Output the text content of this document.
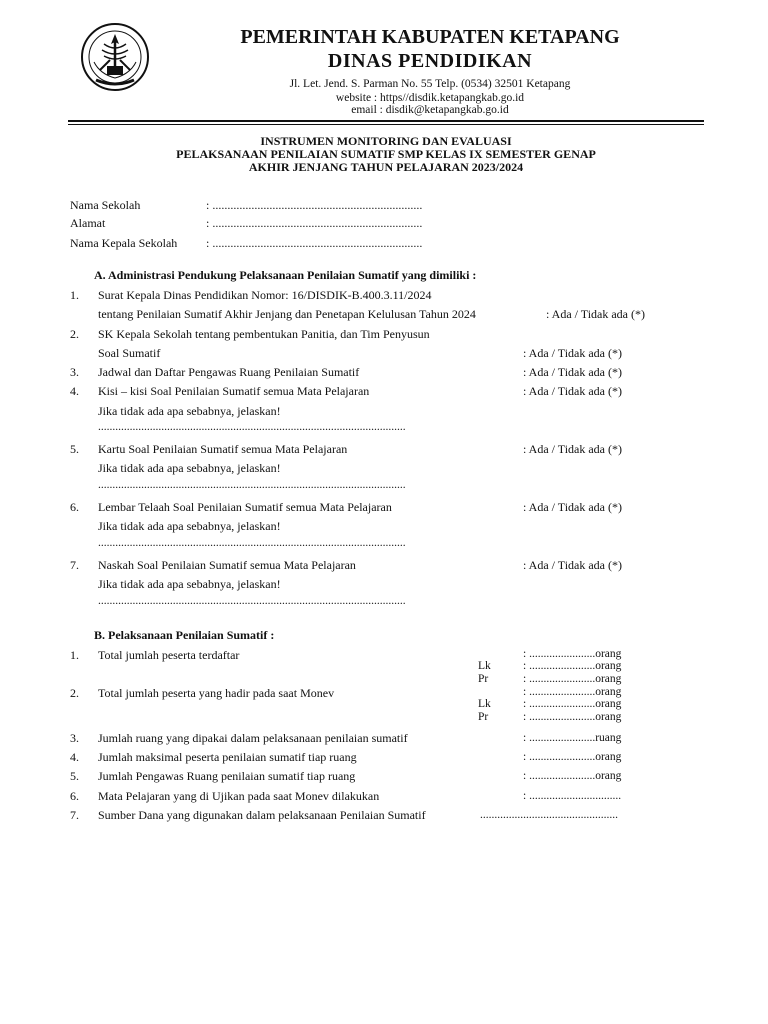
PEMERINTAH KABUPATEN KETAPANG
DINAS PENDIDIKAN
Jl. Let. Jend. S. Parman No. 55 Telp. (0534) 32501 Ketapang
website : https//disdik.ketapangkab.go.id
email : disdik@ketapangkab.go.id
INSTRUMEN MONITORING DAN EVALUASI
PELAKSANAAN PENILAIAN SUMATIF SMP KELAS IX SEMESTER GENAP
AKHIR JENJANG TAHUN PELAJARAN 2023/2024
Nama Sekolah	: ......................................................................
Alamat	: ......................................................................
Nama Kepala Sekolah : ......................................................................
A. Administrasi Pendukung Pelaksanaan Penilaian Sumatif yang dimiliki :
1. Surat Kepala Dinas Pendidikan Nomor: 16/DISDIK-B.400.3.11/2024
tentang Penilaian Sumatif Akhir Jenjang dan Penetapan Kelulusan Tahun 2024	: Ada / Tidak ada (*)
2. SK Kepala Sekolah tentang pembentukan Panitia, dan Tim Penyusun
Soal Sumatif	: Ada / Tidak ada (*)
3. Jadwal dan Daftar Pengawas Ruang Penilaian Sumatif	: Ada / Tidak ada (*)
4. Kisi – kisi Soal Penilaian Sumatif semua Mata Pelajaran	: Ada / Tidak ada (*)
Jika tidak ada apa sebabnya, jelaskan!
...........................................................................................................
5. Kartu Soal Penilaian Sumatif semua Mata Pelajaran	: Ada / Tidak ada (*)
Jika tidak ada apa sebabnya, jelaskan!
...........................................................................................................
6. Lembar Telaah Soal Penilaian Sumatif semua Mata Pelajaran	: Ada / Tidak ada (*)
Jika tidak ada apa sebabnya, jelaskan!
...........................................................................................................
7. Naskah Soal Penilaian Sumatif semua Mata Pelajaran	: Ada / Tidak ada (*)
Jika tidak ada apa sebabnya, jelaskan!
...........................................................................................................
B. Pelaksanaan Penilaian Sumatif :
1. Total jumlah peserta terdaftar	: .......................orang
Lk	: .......................orang
Pr	: .......................orang
2. Total jumlah peserta yang hadir pada saat Monev	: .......................orang
Lk	: .......................orang
Pr	: .......................orang
3. Jumlah ruang yang dipakai dalam pelaksanaan penilaian sumatif	: .......................ruang
4. Jumlah maksimal peserta penilaian sumatif tiap ruang	: .......................orang
5. Jumlah Pengawas Ruang penilaian sumatif tiap ruang	: .......................orang
6. Mata Pelajaran yang di Ujikan pada saat Monev dilakukan	: ................................
7. Sumber Dana yang digunakan dalam pelaksanaan Penilaian Sumatif	................................................
